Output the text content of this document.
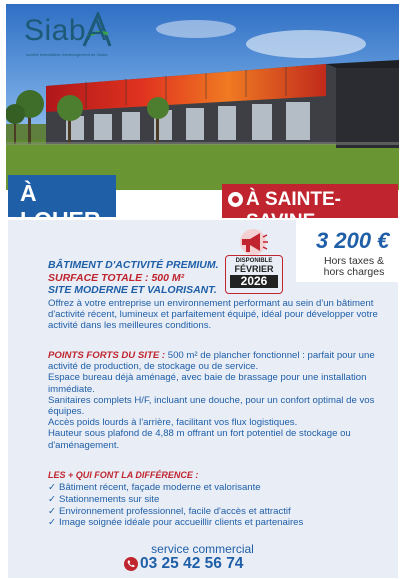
SiabA
société immobilière d'aménagement de l'Aube
À	À SAINTE-
3 200 €
Hors taxes & hors charges
DISPONIBLE
FÉVRIER
2026
BÂTIMENT D'ACTIVITÉ PREMIUM.
SURFACE TOTALE : 500 M²
SITE MODERNE ET VALORISANT.
Offrez à votre entreprise un environnement performant au sein d'un bâtiment d'activité récent, lumineux et parfaitement équipé, idéal pour développer votre activité dans les meilleures conditions.

POINTS FORTS DU SITE : 500 m² de plancher fonctionnel : parfait pour une activité de production, de stockage ou de service.

Espace bureau déjà aménagé, avec baie de brassage pour une installation immédiate.

Sanitaires complets H/F, incluant une douche, pour un confort optimal de vos équipes.

Accès poids lourds à l'arrière, facilitant vos flux logistiques.

Hauteur sous plafond de 4,88 m offrant un fort potentiel de stockage ou d'aménagement.

LES + QUI FONT LA DIFFÉRENCE :
✓ Bâtiment récent, façade moderne et valorisante
✓ Stationnements sur site
✓ Environnement professionnel, facile d'accès et attractif
✓ Image soignée idéale pour accueillir clients et partenaires
service commercial
03 25 42 56 74
